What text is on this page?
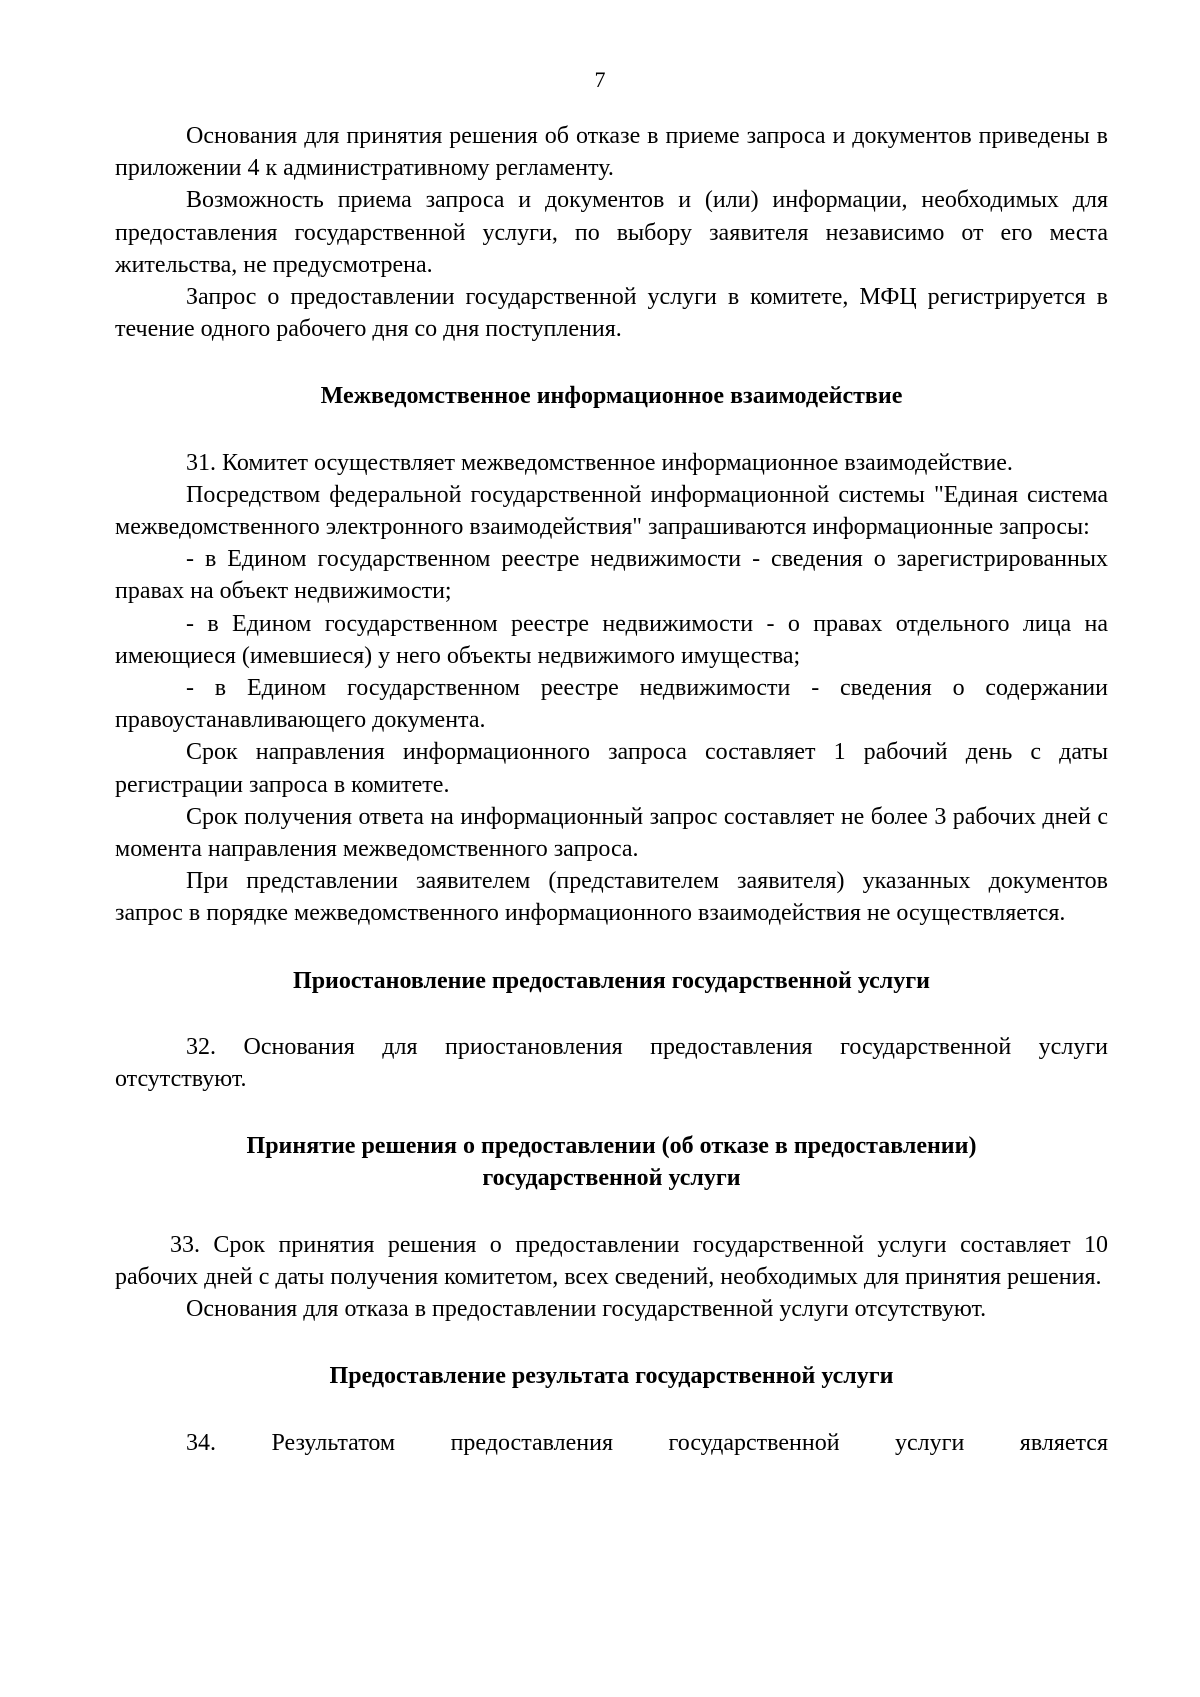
7

Основания для принятия решения об отказе в приеме запроса и документов приведены в приложении 4 к административному регламенту.

Возможность приема запроса и документов и (или) информации, необходимых для предоставления государственной услуги, по выбору заявителя независимо от его места жительства, не предусмотрена.

Запрос о предоставлении государственной услуги в комитете, МФЦ регистрируется в течение одного рабочего дня со дня поступления.

Межведомственное информационное взаимодействие

31. Комитет осуществляет межведомственное информационное взаимодействие.

Посредством федеральной государственной информационной системы "Единая система межведомственного электронного взаимодействия" запрашиваются информационные запросы:

- в Едином государственном реестре недвижимости - сведения о зарегистрированных правах на объект недвижимости;

- в Едином государственном реестре недвижимости - о правах отдельного лица на имеющиеся (имевшиеся) у него объекты недвижимого имущества;

- в Едином государственном реестре недвижимости - сведения о содержании правоустанавливающего документа.

Срок направления информационного запроса составляет 1 рабочий день с даты регистрации запроса в комитете.

Срок получения ответа на информационный запрос составляет не более 3 рабочих дней с момента направления межведомственного запроса.

При представлении заявителем (представителем заявителя) указанных документов запрос в порядке межведомственного информационного взаимодействия не осуществляется.

Приостановление предоставления государственной услуги

32. Основания для приостановления предоставления государственной услуги отсутствуют.

Принятие решения о предоставлении (об отказе в предоставлении)
государственной услуги

33. Срок принятия решения о предоставлении государственной услуги составляет 10 рабочих дней с даты получения комитетом, всех сведений, необходимых для принятия решения.

Основания для отказа в предоставлении государственной услуги отсутствуют.

Предоставление результата государственной услуги

34. Результатом предоставления государственной услуги является
